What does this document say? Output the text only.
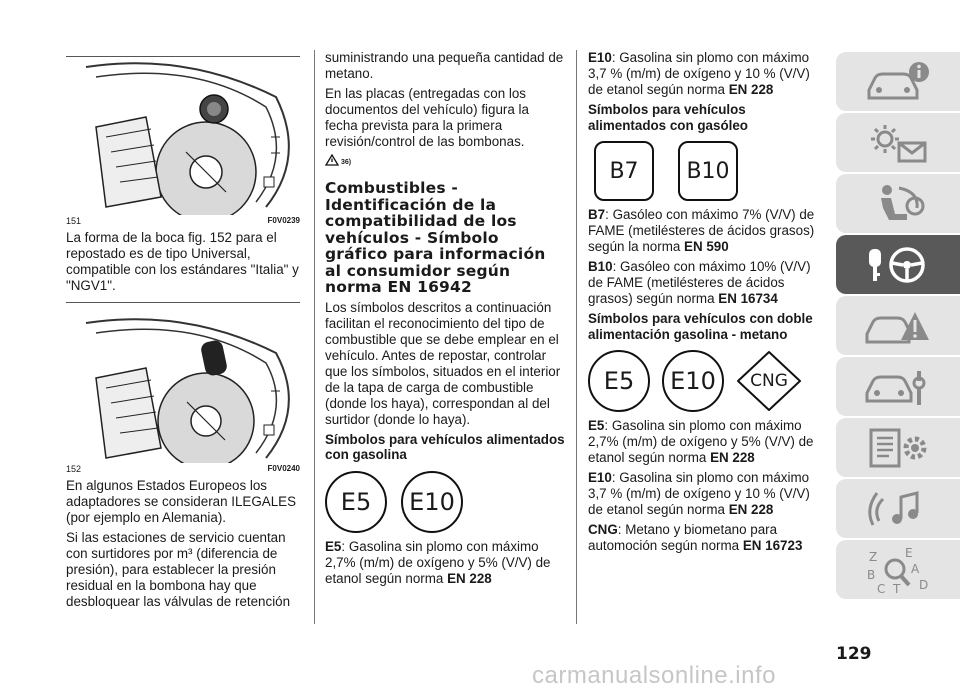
151	F0V0239

La forma de la boca fig. 152 para el repostado es de tipo Universal, compatible con los estándares "Italia" y "NGV1".

152	F0V0240

En algunos Estados Europeos los adaptadores se consideran ILEGALES (por ejemplo en Alemania).

Si las estaciones de servicio cuentan con surtidores por m³ (diferencia de presión), para establecer la presión residual en la bombona hay que desbloquear las válvulas de retención

suministrando una pequeña cantidad de metano.

En las placas (entregadas con los documentos del vehículo) figura la fecha prevista para la primera revisión/control de las bombonas.

36)
Combustibles - Identificación de la compatibilidad de los vehículos - Símbolo gráfico para información al consumidor según norma EN 16942

Los símbolos descritos a continuación facilitan el reconocimiento del tipo de combustible que se debe emplear en el vehículo. Antes de repostar, controlar que los símbolos, situados en el interior de la tapa de carga de combustible (donde los haya), correspondan al del surtidor (donde lo haya).

Símbolos para vehículos alimentados con gasolina
E5	E10

E5: Gasolina sin plomo con máximo 2,7% (m/m) de oxígeno y 5% (V/V) de etanol según norma EN 228

E10: Gasolina sin plomo con máximo 3,7 % (m/m) de oxígeno y 10 % (V/V) de etanol según norma EN 228

Símbolos para vehículos alimentados con gasóleo
B7	B10

B7: Gasóleo con máximo 7% (V/V) de FAME (metilésteres de ácidos grasos) según la norma EN 590

B10: Gasóleo con máximo 10% (V/V) de FAME (metilésteres de ácidos grasos) según norma EN 16734

Símbolos para vehículos con doble alimentación gasolina - metano
E5	E10	CNG

E5: Gasolina sin plomo con máximo 2,7% (m/m) de oxígeno y 5% (V/V) de etanol según norma EN 228

E10: Gasolina sin plomo con máximo 3,7 % (m/m) de oxígeno y 10 % (V/V) de etanol según norma EN 228

CNG: Metano y biometano para automoción según norma EN 16723

Z E
A
B
C T D
129
carmanualsonline.info
